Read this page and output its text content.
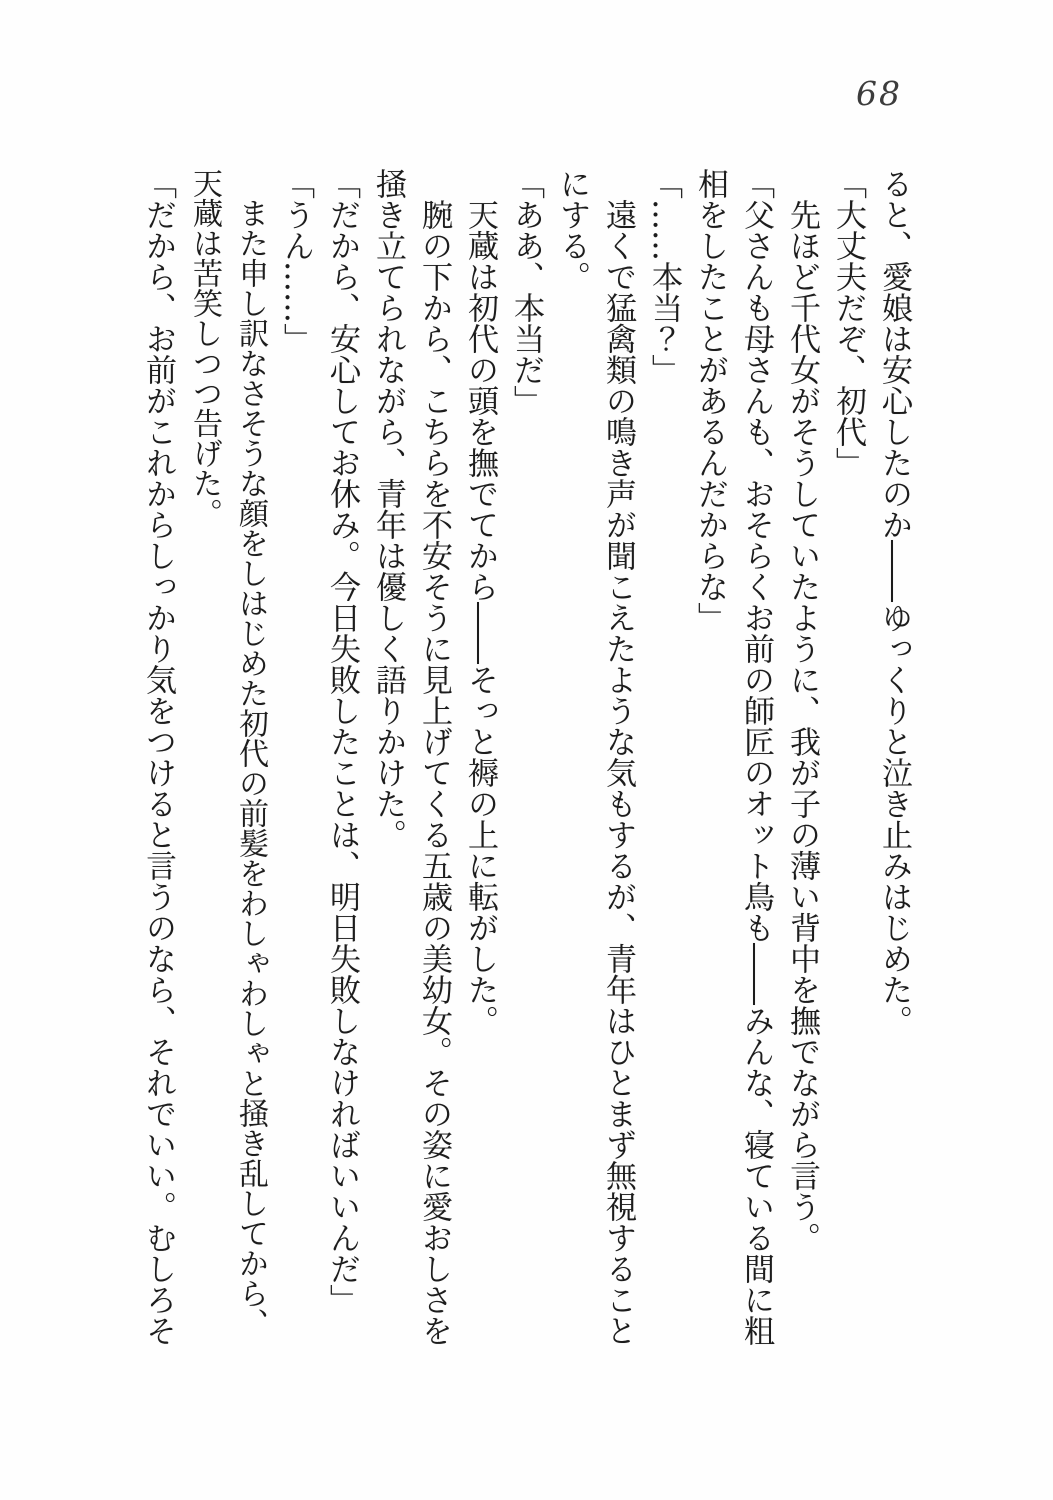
68

ると、愛娘は安心したのか――ゆっくりと泣き止みはじめた。

「大丈夫だぞ、初代」

　先ほど千代女がそうしていたように、我が子の薄い背中を撫でながら言う。

「父さんも母さんも、おそらくお前の師匠のオット鳥も――みんな、寝ている間に粗相をしたことがあるんだからな」

「……本当？」

　遠くで猛禽類の鳴き声が聞こえたような気もするが、青年はひとまず無視することにする。

「ああ、本当だ」

　天蔵は初代の頭を撫でてから――そっと褥の上に転がした。

　腕の下から、こちらを不安そうに見上げてくる五歳の美幼女。その姿に愛おしさを掻き立てられながら、青年は優しく語りかけた。

「だから、安心してお休み。今日失敗したことは、明日失敗しなければいいんだ」

「うん……」

　また申し訳なさそうな顔をしはじめた初代の前髪をわしゃわしゃと掻き乱してから、天蔵は苦笑しつつ告げた。

「だから、お前がこれからしっかり気をつけると言うのなら、それでいい。むしろそ
